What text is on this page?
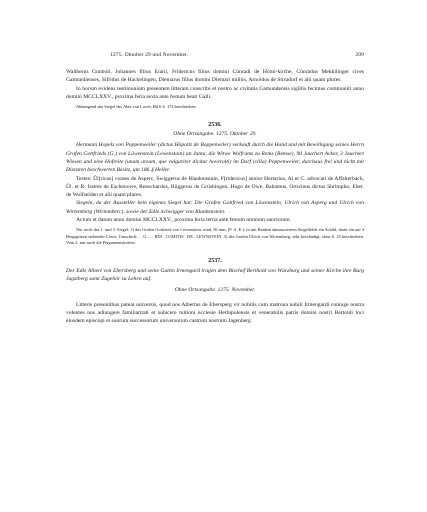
1275. Oktober 29 und November.	399

Waltherus Gunboli, Johannes filius Erarii, Fridericus filius domini Cûnradi de Hômi-kirche, Cûnradus Mekkilinger cives Gamundienses, Sifridus de Hachelingen, Diemarus filius domini Diemari militis, Arnoldus de Stirudorf et alii quam plures.

In horum evidens testimonium presentem litteram conscribi et nostro ac civitatis Gamundensis sigillis fecimus communiri anno domini MCCLXXV., proxima feria sexta ante festum beati Galli.

Abhangend das Siegel des Abts von Lorch, Bd 6 S. 174 beschrieben.

2536.
Ohne Ortsangabe. 1275. Oktober 29.

Hermann Hopelz von Poppenweiler (dictus Höpoltz de Boppenwiler) verkauft durch die Hand und mit Bewilligung seines Herrn Grafen Gottfrieds (G.) von Löwenstein (Lewenstain) an Junta, die Witwe Wolframs zu Rems (Remse), 90 Jauchert Acker, 3 Jauchert Wiesen und eine Hofreite (unam aream, que vulgariter dicitur hoveraiti) im Dorf (villa) Poppenweiler, durchaus frei und nicht mit Diensten beschwerten Besitz, um 186 ₰ Heller.

Testes: Ûl[ricus] comes de Asperc, Swiggerus de Blankenstain, F[ridericus] senior Hertarius, Al et C. advocati de Affalterbach, Ûl. et R. fratres de Eschenowe, Renschardus, Rûggerus de Grüsbingen, Hugo de Owe, Bahamus, Ortwinus dictus Shrimpho, Eber. de Wolfselden et alii quam plures.

Siegeln, da der Aussteller kein eigenes Siegel hat: Die Grafen Gottfried von Löwenstein, Ulrich von Asperg und Ulrich von Wirtemberg (Wirtemberc), sowie der Edle Schwigger von Blankenstein.

Actum et datum anno domini MCCLXXV., proxima feria tertia ante festum omnium sanctorum.

Nur noch das 1. und 3. Siegel: 1) des Grafen Gottfried von Löwenstein, rund, 56 mm, (F. A. E.): in mit Ranken damasciertem Siegelfelde ein Schild, darin ein auf 4 Bergspitzen stehender Löwe; Umschrift: . . G . . . RDI . COMITIS . DE . LEWNSTEIN. 3) des Grafen Ulrich von Wirtemberg, sehr beschädigt, oben S. 25 beschrieben. Vom 2. nur noch die Pergamentstreifen.

2537.

Der Edle Albert von Ebersberg und seine Gattin Irmengard tragen dem Bischof Berthold von Würzburg und seiner Kirche ihre Burg Jagstberg samt Zugehör zu Lehen auf.

Ohne Ortsangabe. 1275. November.

Litteris presentibus pateat universis, quod nos Albertus de Ebersperg vir nobilis cum matrona nobili Irmengardi coniuge nostra volentes nos adiungere familiaritati et subicere tuitioni ecclesie Herbipolensis et venerabilis patris domini nostri Bertoldi loci eiusdem episcopi et suorum successorum universorum castrum nostrum Jagenberg
